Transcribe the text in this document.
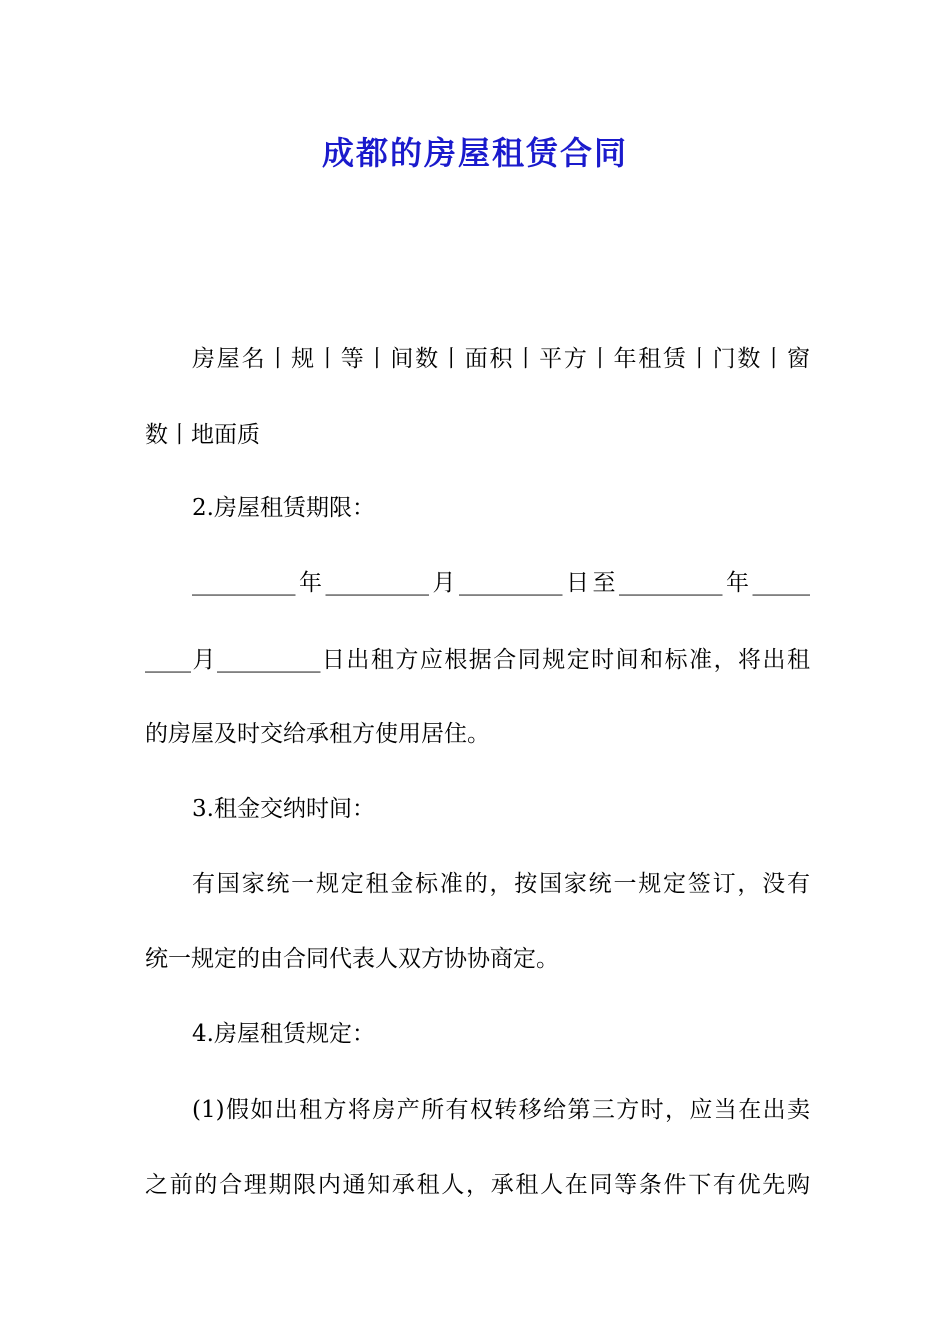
成都的房屋租赁合同
房屋名丨规丨等丨间数丨面积丨平方丨年租赁丨门数丨窗
数丨地面质
2.房屋租赁期限：
_________年_________月_________日至_________年_____
____月_________日出租方应根据合同规定时间和标准，将出租
的房屋及时交给承租方使用居住。
3.租金交纳时间：
有国家统一规定租金标准的，按国家统一规定签订，没有
统一规定的由合同代表人双方协协商定。
4.房屋租赁规定：
(1)假如出租方将房产所有权转移给第三方时，应当在出卖
之前的合理期限内通知承租人，承租人在同等条件下有优先购
